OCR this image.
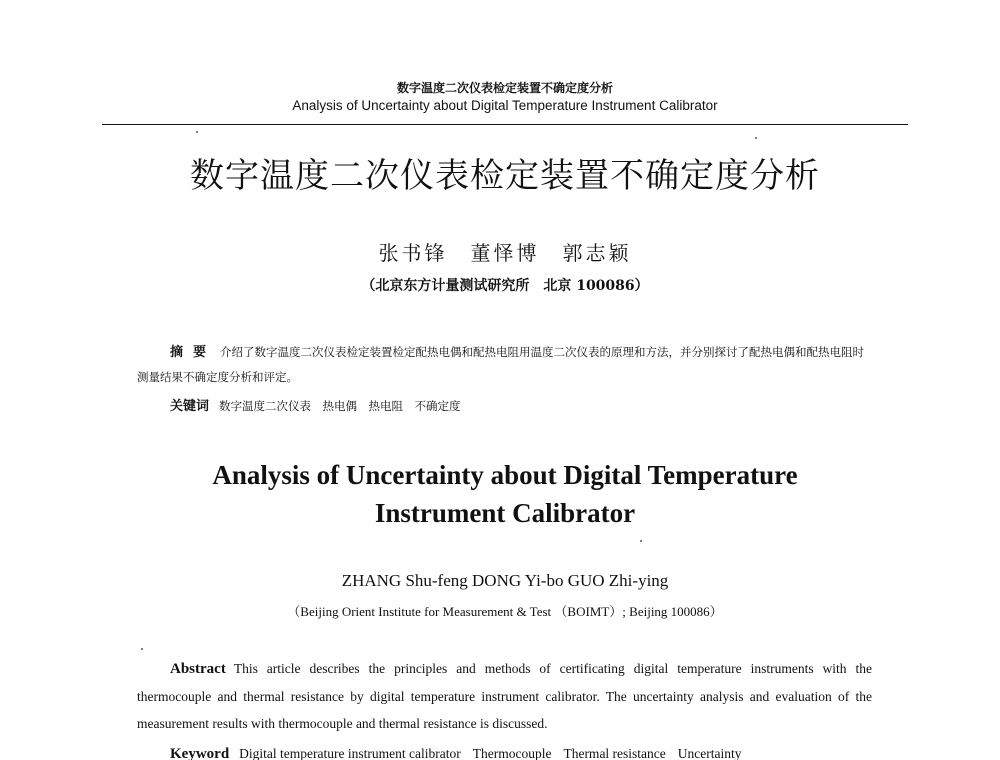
数字温度二次仪表检定装置不确定度分析
Analysis of Uncertainty about Digital Temperature Instrument Calibrator
数字温度二次仪表检定装置不确定度分析
张书锋　董怿博　郭志颖
（北京东方计量测试研究所　北京 100086）
摘要 介绍了数字温度二次仪表检定装置检定配热电偶和配热电阻用温度二次仪表的原理和方法，并分别探讨了配热电偶和配热电阻时测量结果不确定度分析和评定。
关键词 数字温度二次仪表　热电偶　热电阻　不确定度
Analysis of Uncertainty about Digital Temperature
Instrument Calibrator
ZHANG Shu-feng DONG Yi-bo GUO Zhi-ying
（Beijing Orient Institute for Measurement & Test （BOIMT）; Beijing 100086）
Abstract This article describes the principles and methods of certificating digital temperature instruments with the thermocouple and thermal resistance by digital temperature instrument calibrator. The uncertainty analysis and evaluation of the measurement results with thermocouple and thermal resistance is discussed.
Keyword Digital temperature instrument calibrator Thermocouple Thermal resistance Uncertainty
